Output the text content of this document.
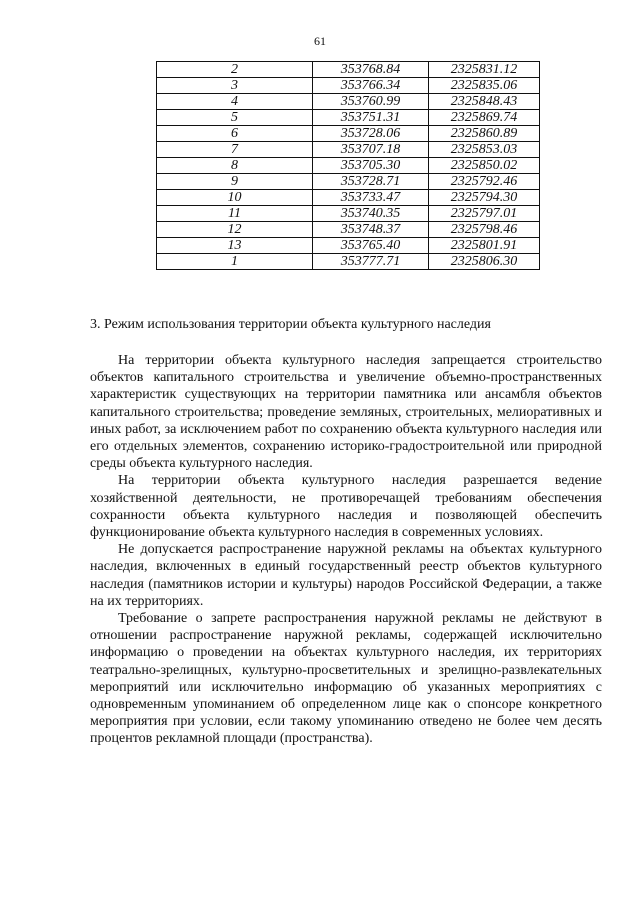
61
2	353768.84	2325831.12
3	353766.34	2325835.06
4	353760.99	2325848.43
5	353751.31	2325869.74
6	353728.06	2325860.89
7	353707.18	2325853.03
8	353705.30	2325850.02
9	353728.71	2325792.46
10	353733.47	2325794.30
11	353740.35	2325797.01
12	353748.37	2325798.46
13	353765.40	2325801.91
1	353777.71	2325806.30
3. Режим использования территории объекта культурного наследия

На территории объекта культурного наследия запрещается строительство объектов капитального строительства и увеличение объемно-пространственных характеристик существующих на территории памятника или ансамбля объектов капитального строительства; проведение земляных, строительных, мелиоративных и иных работ, за исключением работ по сохранению объекта культурного наследия или его отдельных элементов, сохранению историко-градостроительной или природной среды объекта культурного наследия.

На территории объекта культурного наследия разрешается ведение хозяйственной деятельности, не противоречащей требованиям обеспечения сохранности объекта культурного наследия и позволяющей обеспечить функционирование объекта культурного наследия в современных условиях.

Не допускается распространение наружной рекламы на объектах культурного наследия, включенных в единый государственный реестр объектов культурного наследия (памятников истории и культуры) народов Российской Федерации, а также на их территориях.

Требование о запрете распространения наружной рекламы не действуют в отношении распространение наружной рекламы, содержащей исключительно информацию о проведении на объектах культурного наследия, их территориях театрально-зрелищных, культурно-просветительных и зрелищно-развлекательных мероприятий или исключительно информацию об указанных мероприятиях с одновременным упоминанием об определенном лице как о спонсоре конкретного мероприятия при условии, если такому упоминанию отведено не более чем десять процентов рекламной площади (пространства).
